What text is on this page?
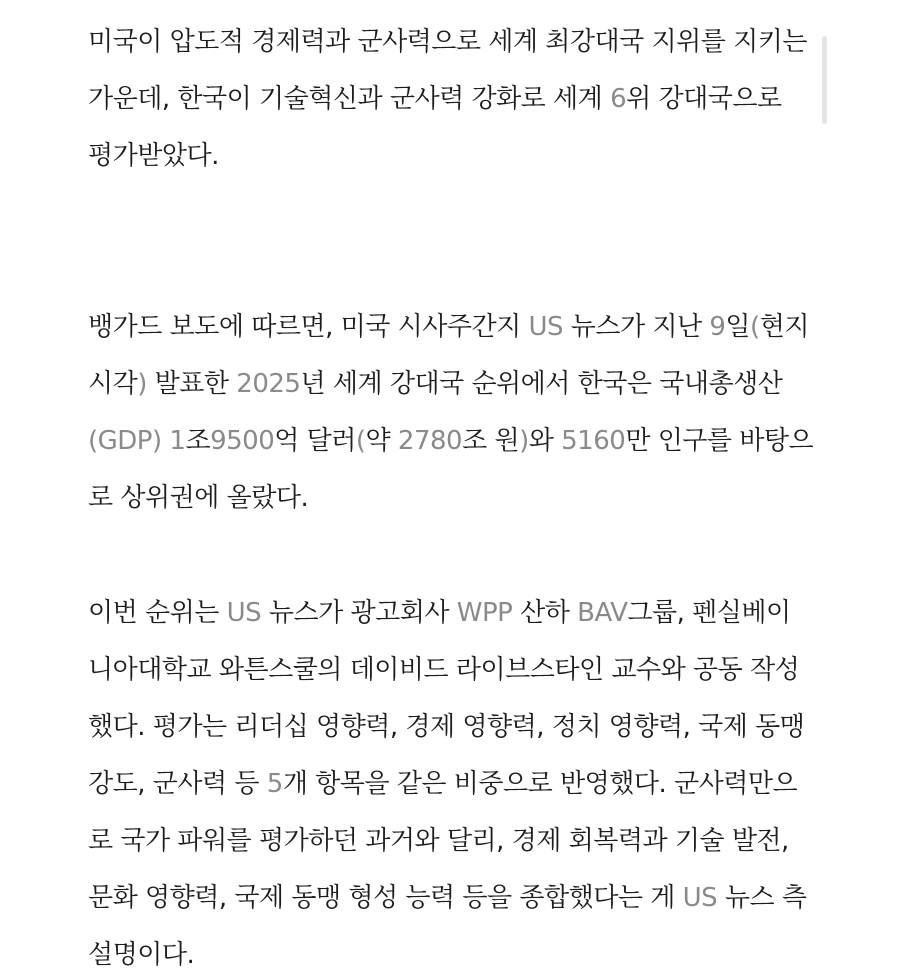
미국이 압도적 경제력과 군사력으로 세계 최강대국 지위를 지키는
가운데, 한국이 기술혁신과 군사력 강화로 세계 6위 강대국으로
평가받았다.

뱅가드 보도에 따르면, 미국 시사주간지 US 뉴스가 지난 9일(현지
시각) 발표한 2025년 세계 강대국 순위에서 한국은 국내총생산
(GDP) 1조9500억 달러(약 2780조 원)와 5160만 인구를 바탕으
로 상위권에 올랐다.

이번 순위는 US 뉴스가 광고회사 WPP 산하 BAV그룹, 펜실베이
니아대학교 와튼스쿨의 데이비드 라이브스타인 교수와 공동 작성
했다. 평가는 리더십 영향력, 경제 영향력, 정치 영향력, 국제 동맹
강도, 군사력 등 5개 항목을 같은 비중으로 반영했다. 군사력만으
로 국가 파워를 평가하던 과거와 달리, 경제 회복력과 기술 발전,
문화 영향력, 국제 동맹 형성 능력 등을 종합했다는 게 US 뉴스 측
설명이다.
